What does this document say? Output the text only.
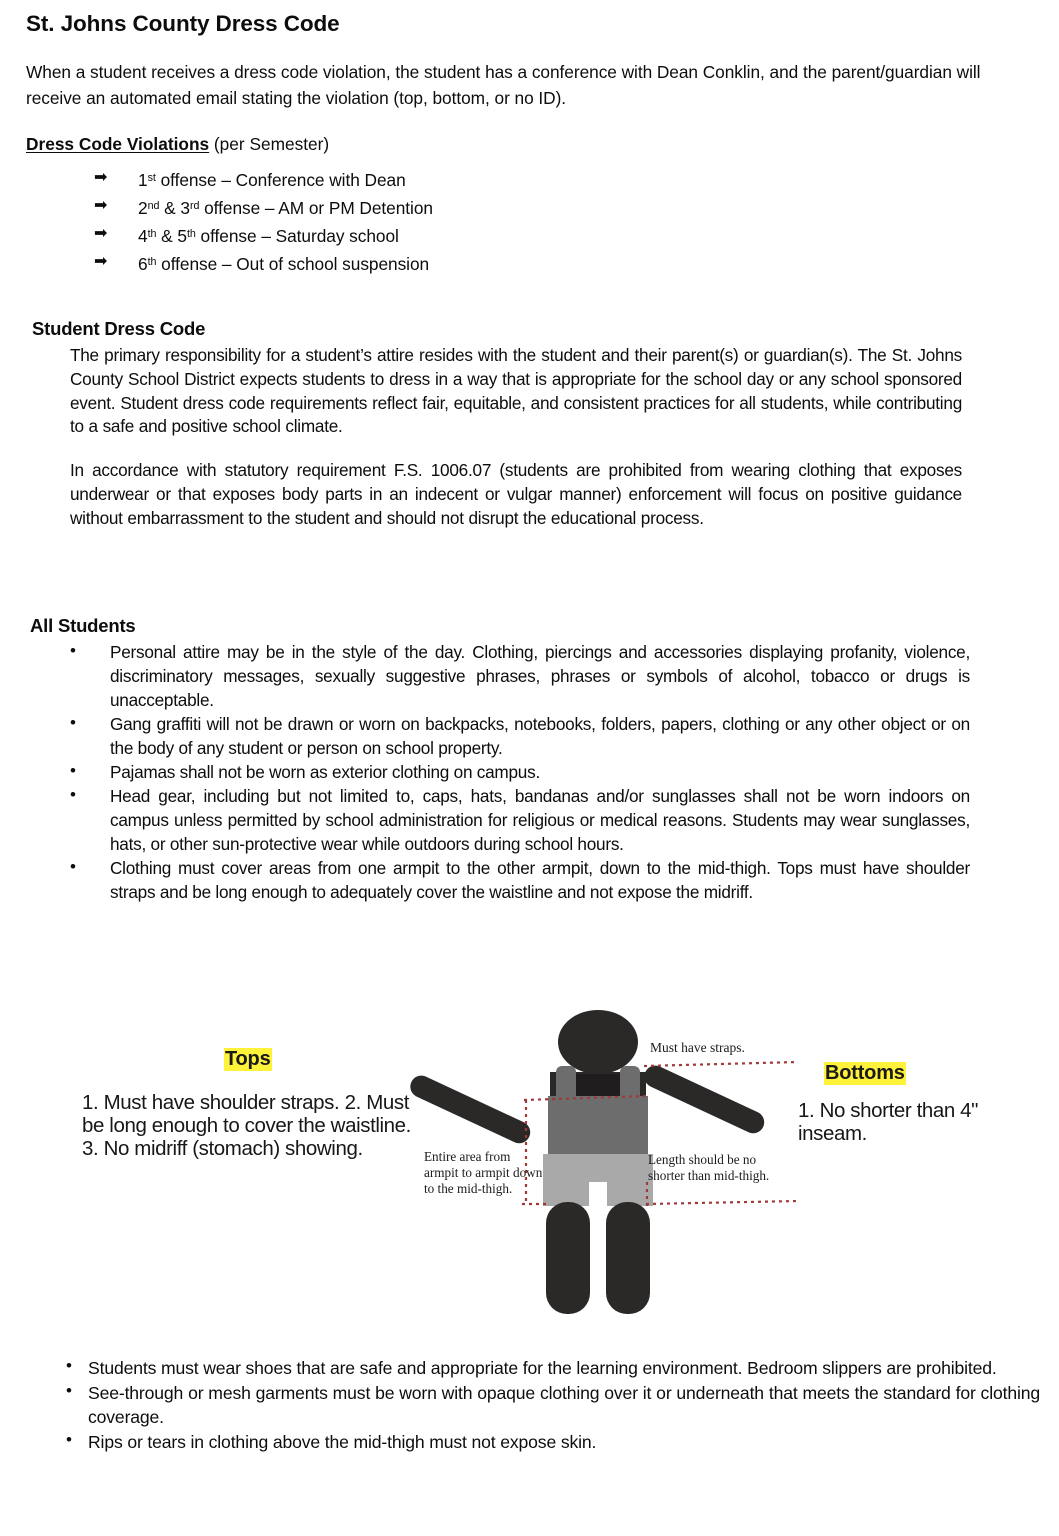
St. Johns County Dress Code

When a student receives a dress code violation, the student has a conference with Dean Conklin, and the parent/guardian will receive an automated email stating the violation (top, bottom, or no ID).

Dress Code Violations (per Semester)

➡ 1st offense – Conference with Dean
➡ 2nd & 3rd offense – AM or PM Detention
➡ 4th & 5th offense – Saturday school
➡ 6th offense – Out of school suspension
Student Dress Code

The primary responsibility for a student’s attire resides with the student and their parent(s) or guardian(s). The St. Johns County School District expects students to dress in a way that is appropriate for the school day or any school sponsored event. Student dress code requirements reflect fair, equitable, and consistent practices for all students, while contributing to a safe and positive school climate.

In accordance with statutory requirement F.S. 1006.07 (students are prohibited from wearing clothing that exposes underwear or that exposes body parts in an indecent or vulgar manner) enforcement will focus on positive guidance without embarrassment to the student and should not disrupt the educational process.

All Students
• Personal attire may be in the style of the day. Clothing, piercings and accessories displaying profanity, violence, discriminatory messages, sexually suggestive phrases, phrases or symbols of alcohol, tobacco or drugs is unacceptable.
• Gang graffiti will not be drawn or worn on backpacks, notebooks, folders, papers, clothing or any other object or on the body of any student or person on school property.
• Pajamas shall not be worn as exterior clothing on campus.
• Head gear, including but not limited to, caps, hats, bandanas and/or sunglasses shall not be worn indoors on campus unless permitted by school administration for religious or medical reasons. Students may wear sunglasses, hats, or other sun-protective wear while outdoors during school hours.
• Clothing must cover areas from one armpit to the other armpit, down to the mid-thigh. Tops must have shoulder straps and be long enough to adequately cover the waistline and not expose the midriff.
Tops
1. Must have shoulder straps. 2. Must be long enough to cover the waistline. 3. No midriff (stomach) showing.
Bottoms
1. No shorter than 4" inseam.
Must have straps.
Entire area from armpit to armpit down to the mid-thigh.
Length should be no shorter than mid-thigh.
• Students must wear shoes that are safe and appropriate for the learning environment. Bedroom slippers are prohibited.
• See-through or mesh garments must be worn with opaque clothing over it or underneath that meets the standard for clothing coverage.
• Rips or tears in clothing above the mid-thigh must not expose skin.
